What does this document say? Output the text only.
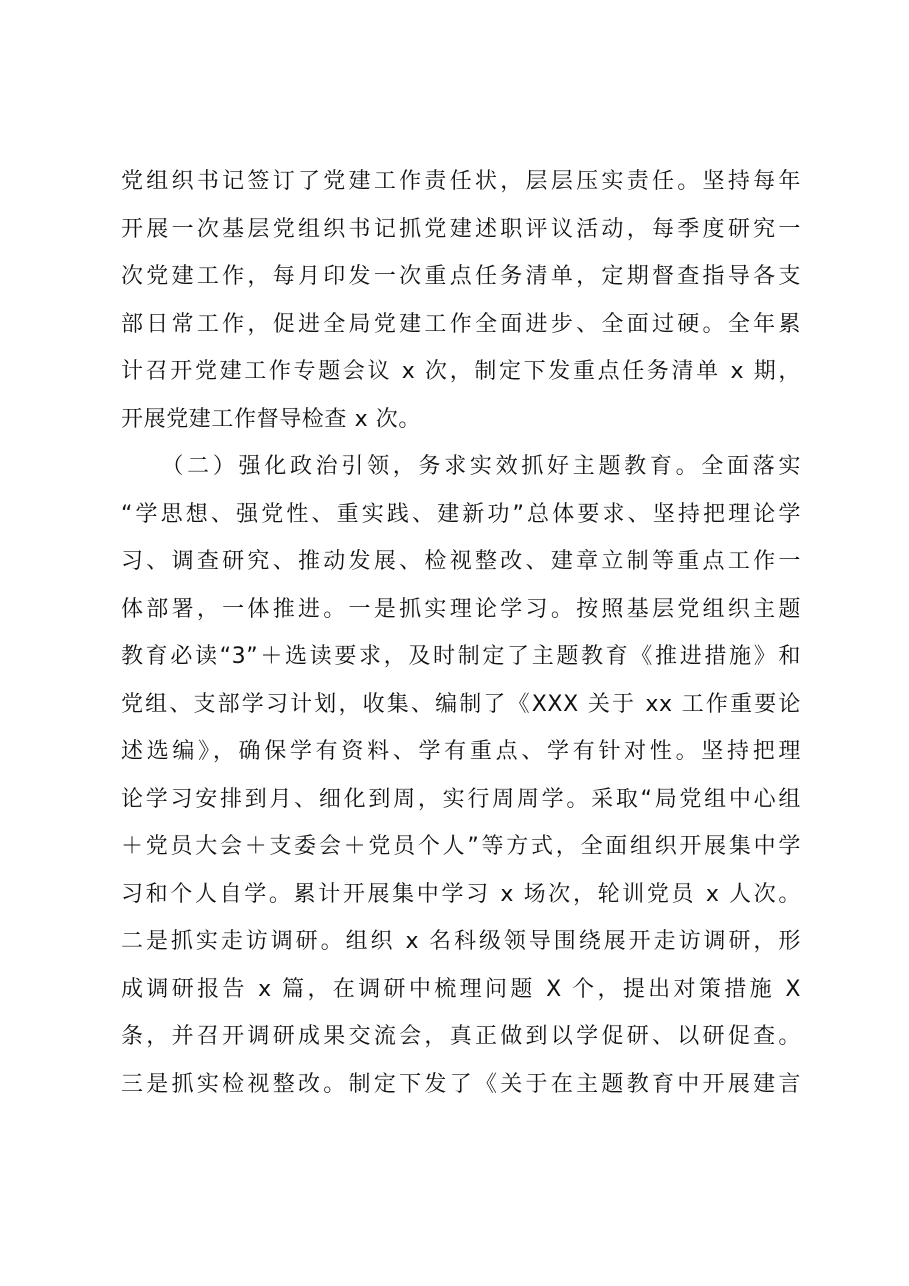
党组织书记签订了党建工作责任状，层层压实责任。坚持每年
开展一次基层党组织书记抓党建述职评议活动，每季度研究一
次党建工作，每月印发一次重点任务清单，定期督查指导各支
部日常工作，促进全局党建工作全面进步、全面过硬。全年累
计召开党建工作专题会议 x 次，制定下发重点任务清单 x 期，
开展党建工作督导检查 x 次。
　　（二）强化政治引领，务求实效抓好主题教育。全面落实
“学思想、强党性、重实践、建新功”总体要求、坚持把理论学
习、调查研究、推动发展、检视整改、建章立制等重点工作一
体部署，一体推进。一是抓实理论学习。按照基层党组织主题
教育必读“3”＋选读要求，及时制定了主题教育《推进措施》和
党组、支部学习计划，收集、编制了《XXX 关于 xx 工作重要论
述选编》，确保学有资料、学有重点、学有针对性。坚持把理
论学习安排到月、细化到周，实行周周学。采取“局党组中心组
＋党员大会＋支委会＋党员个人”等方式，全面组织开展集中学
习和个人自学。累计开展集中学习 x 场次，轮训党员 x 人次。
二是抓实走访调研。组织 x 名科级领导围绕展开走访调研，形
成调研报告 x 篇，在调研中梳理问题 X 个，提出对策措施 X
条，并召开调研成果交流会，真正做到以学促研、以研促查。
三是抓实检视整改。制定下发了《关于在主题教育中开展建言
